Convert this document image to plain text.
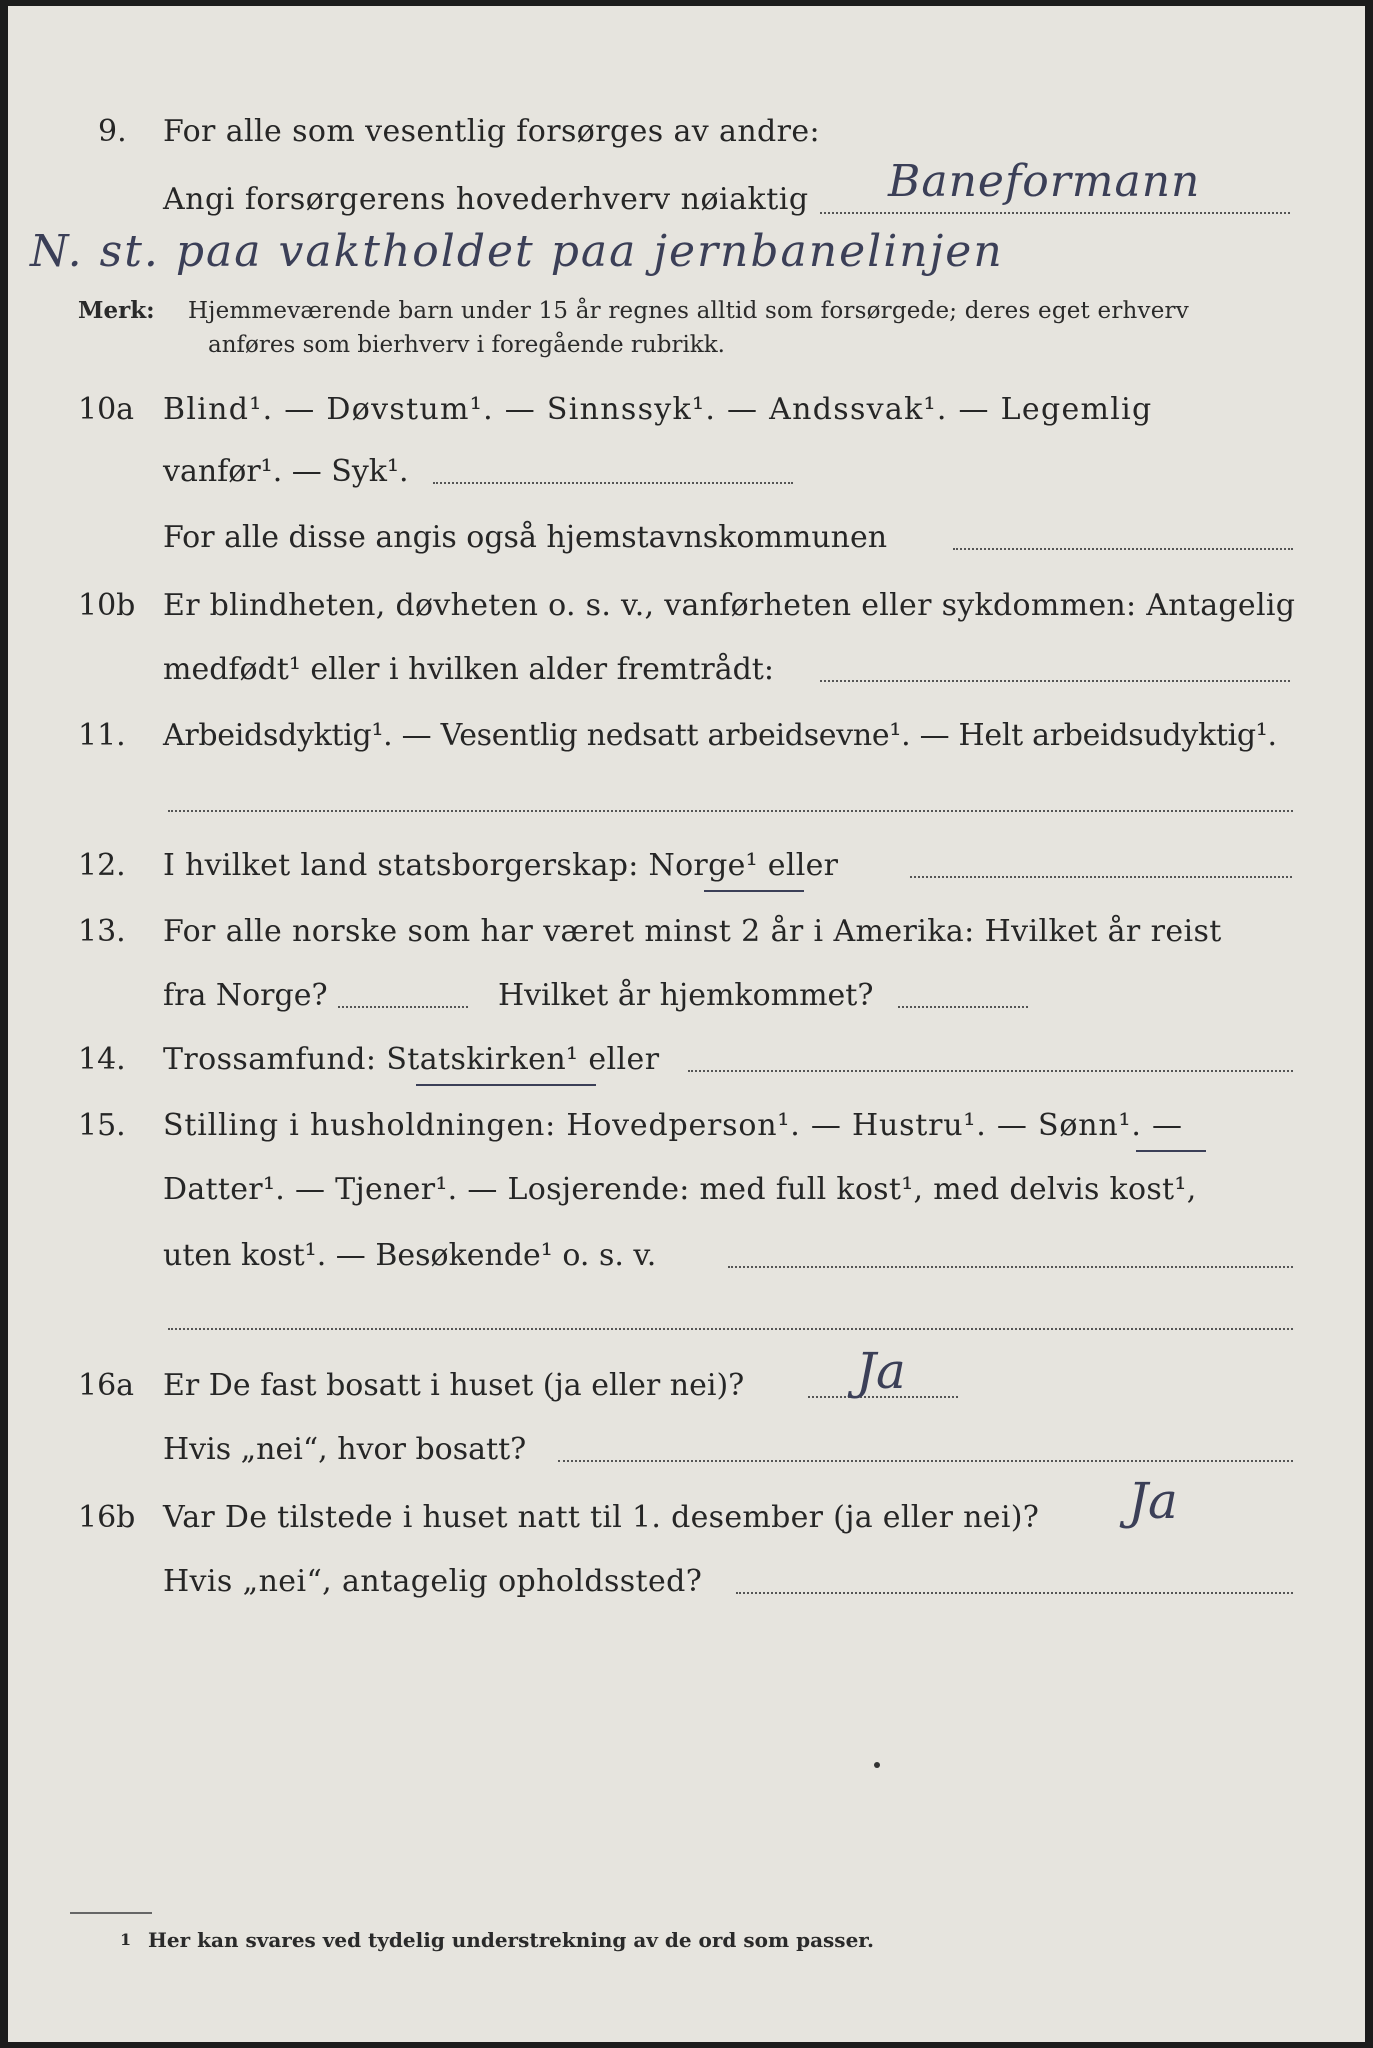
9. For alle som vesentlig forsørges av andre:
Angi forsørgerens hovederhverv nøiaktig Baneformann
N. st. paa vaktholdet paa jernbanelinjen
Merk: Hjemmeværende barn under 15 år regnes alltid som forsørgede; deres eget erhverv
anføres som bierhverv i foregående rubrikk.
10a Blind¹. — Døvstum¹. — Sinnssyk¹. — Andssvak¹. — Legemlig
vanfør¹. — Syk¹.
For alle disse angis også hjemstavnskommunen
10b Er blindheten, døvheten o. s. v., vanførheten eller sykdommen: Antagelig
medfødt¹ eller i hvilken alder fremtrådt:
11. Arbeidsdyktig¹. — Vesentlig nedsatt arbeidsevne¹. — Helt arbeidsudyktig¹.
12. I hvilket land statsborgerskap: Norge¹ eller
13. For alle norske som har været minst 2 år i Amerika: Hvilket år reist
fra Norge?	Hvilket år hjemkommet?
14. Trossamfund: Statskirken¹ eller
15. Stilling i husholdningen: Hovedperson¹. — Hustru¹. — Sønn¹. —
Datter¹. — Tjener¹. — Losjerende: med full kost¹, med delvis kost¹,
uten kost¹. — Besøkende¹ o. s. v.
16a Er De fast bosatt i huset (ja eller nei)? Ja
Hvis „nei“, hvor bosatt?
16b Var De tilstede i huset natt til 1. desember (ja eller nei)? Ja
Hvis „nei“, antagelig opholdssted?
1 Her kan svares ved tydelig understrekning av de ord som passer.
